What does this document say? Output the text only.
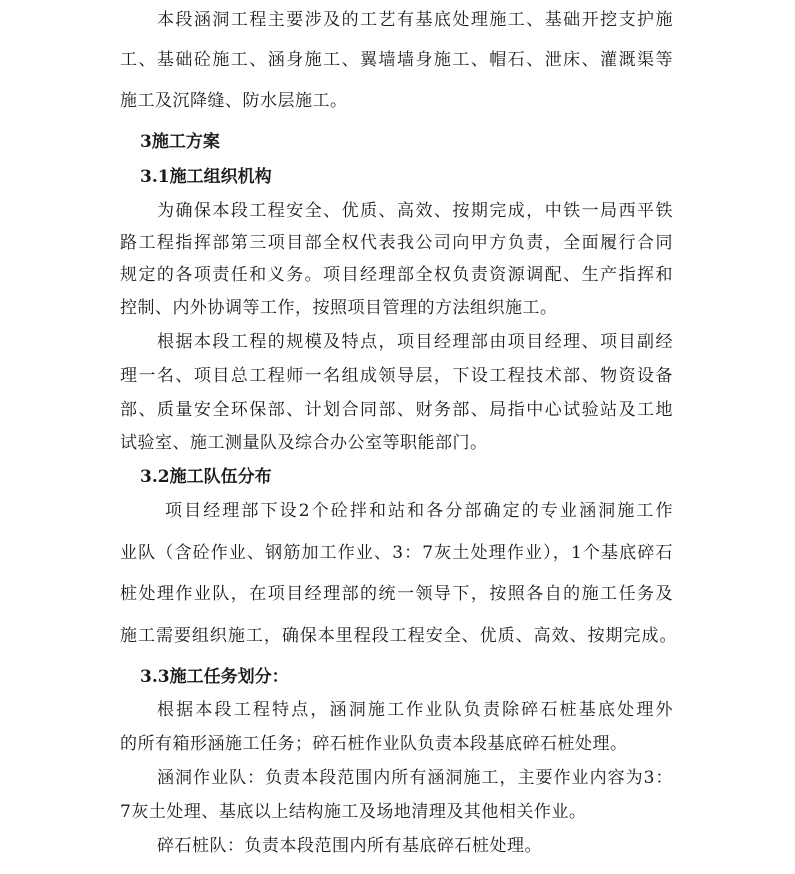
本段涵洞工程主要涉及的工艺有基底处理施工、基础开挖支护施
工、基础砼施工、涵身施工、翼墙墙身施工、帽石、泄床、灌溉渠等
施工及沉降缝、防水层施工。
3施工方案
3.1施工组织机构
为确保本段工程安全、优质、高效、按期完成，中铁一局西平铁
路工程指挥部第三项目部全权代表我公司向甲方负责，全面履行合同
规定的各项责任和义务。项目经理部全权负责资源调配、生产指挥和
控制、内外协调等工作，按照项目管理的方法组织施工。
根据本段工程的规模及特点，项目经理部由项目经理、项目副经
理一名、项目总工程师一名组成领导层，下设工程技术部、物资设备
部、质量安全环保部、计划合同部、财务部、局指中心试验站及工地
试验室、施工测量队及综合办公室等职能部门。
3.2施工队伍分布
项目经理部下设2个砼拌和站和各分部确定的专业涵洞施工作
业队（含砼作业、钢筋加工作业、3：7灰土处理作业），1个基底碎石
桩处理作业队，在项目经理部的统一领导下，按照各自的施工任务及
施工需要组织施工，确保本里程段工程安全、优质、高效、按期完成。
3.3施工任务划分：
根据本段工程特点，涵洞施工作业队负责除碎石桩基底处理外
的所有箱形涵施工任务；碎石桩作业队负责本段基底碎石桩处理。
涵洞作业队：负责本段范围内所有涵洞施工，主要作业内容为3：
7灰土处理、基底以上结构施工及场地清理及其他相关作业。
碎石桩队：负责本段范围内所有基底碎石桩处理。
